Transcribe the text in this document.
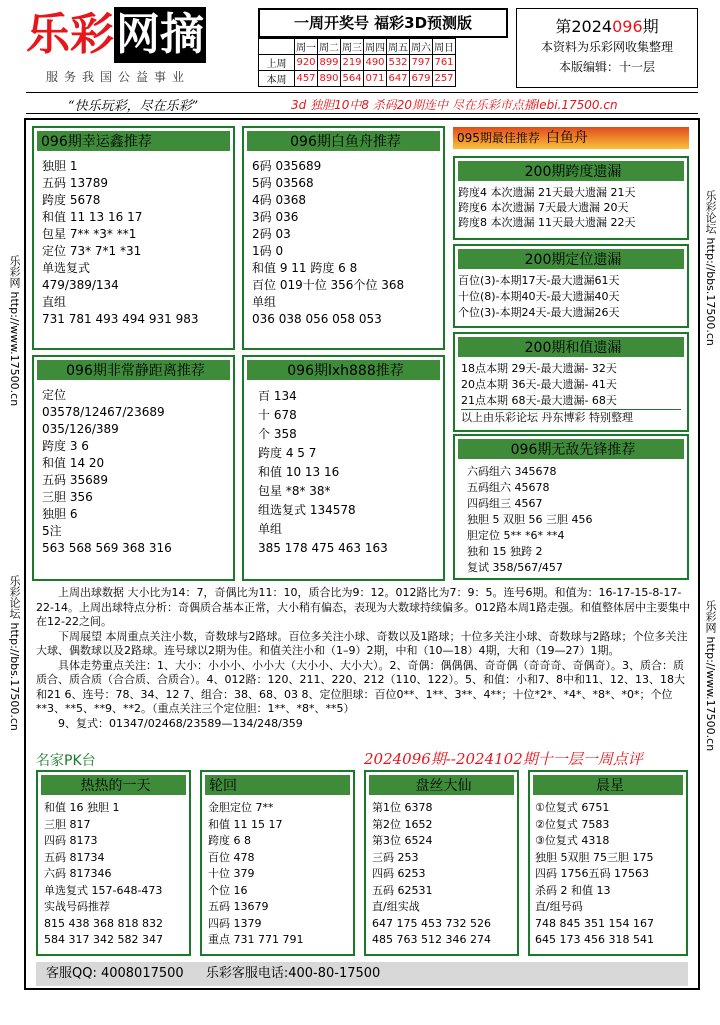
乐彩 网摘
服务我国公益事业
一周开奖号 福彩3D预测版
	周一	周二	周三	周四	周五	周六	周日
上周	920	899	219	490	532	797	761
本周	457	890	564	071	647	679	257
第2024096期
本资料为乐彩网收集整理
本版编辑：十一层
“快乐玩彩，尽在乐彩”	3d 独胆10中8 杀码20期连中 尽在乐彩市点播lebi.17500.cn
乐彩网 http://www.17500.cn
乐彩论坛 http://bbs.17500.cn
乐彩论坛 http://bbs.17500.cn
乐彩网 http://www.17500.cn
096期幸运鑫推荐
独胆 1
五码 13789
跨度 5678
和值 11 13 16 17
包星 7** *3* **1
定位 73* 7*1 *31
单选复式
479/389/134
直组
731 781 493 494 931 983
096期白鱼舟推荐
6码 035689
5码 03568
4码 0368
3码 036
2码 03
1码 0
和值 9 11 跨度 6 8
百位 019十位 356个位 368
单组
036 038 056 058 053
096期非常静距离推荐
定位
03578/12467/23689
035/126/389
跨度 3 6
和值 14 20
五码 35689
三胆 356
独胆 6
5注
563 568 569 368 316
096期lxh888推荐
百 134
十 678
个 358
跨度 4 5 7
和值 10 13 16
包星 *8* 38*
组选复式 134578
单组
385 178 475 463 163
095期最佳推荐 白鱼舟
200期跨度遗漏
跨度4 本次遗漏 21天最大遗漏 21天
跨度6 本次遗漏 7天最大遗漏 20天
跨度8 本次遗漏 11天最大遗漏 22天
200期定位遗漏
百位(3)-本期17天-最大遗漏61天
十位(8)-本期40天-最大遗漏40天
个位(3)-本期24天-最大遗漏26天
200期和值遗漏
18点本期 29天-最大遗漏- 32天
20点本期 36天-最大遗漏- 41天
21点本期 68天-最大遗漏- 68天
以上由乐彩论坛 丹东博彩 特别整理
096期无敌先锋推荐
六码组六 345678
五码组六 45678
四码组三 4567
独胆 5 双胆 56 三胆 456
胆定位 5** *6* **4
独和 15 独跨 2
复试 358/567/457

上周出球数据 大小比为14：7，奇偶比为11：10，质合比为9：12。012路比为7：9：5。连号6期。和值为：16-17-15-8-17-22-14。上周出球特点分析：奇偶质合基本正常，大小稍有偏态，表现为大数球持续偏多。012路本周1路走强。和值整体居中主要集中在12-22之间。

下周展望 本周重点关注小数，奇数球与2路球。百位多关注小球、奇数以及1路球；十位多关注小球、奇数球与2路球；个位多关注大球、偶数球以及2路球。连号球以2期为佳。和值关注小和（1–9）2期，中和（10—18）4期，大和（19—27）1期。

具体走势重点关注：1、大小：小小小、小小大（大小小、大小大）。2、奇偶：偶偶偶、奇奇偶（奇奇奇、奇偶奇）。3、质合：质质合、质合质（合合质、合质合）。4、012路：120、211、220、212（110、122）。5、和值：小和7、8中和11、12、13、18大和21 6、连号：78、34、12 7、组合：38、68、03 8、定位胆球：百位0**、1**、3**、4**；十位*2*、*4*、*8*、*0*；个位**3、**5、**9、**2。（重点关注三个定位胆：1**、*8*、**5）

9、复式：01347/02468/23589—134/248/359

名家PK台	2024096期--2024102期十一层一周点评
热热的一天
和值 16 独胆 1
三胆 817
四码 8173
五码 81734
六码 817346
单选复式 157-648-473
实战号码推荐
815 438 368 818 832
584 317 342 582 347
轮回
金胆定位 7**
和值 11 15 17
跨度 6 8
百位 478
十位 379
个位 16
五码 13679
四码 1379
重点 731 771 791
盘丝大仙
第1位 6378
第2位 1652
第3位 6524
三码 253
四码 6253
五码 62531
直/组实战
647 175 453 732 526
485 763 512 346 274
晨星
①位复式 6751
②位复式 7583
③位复式 4318
独胆 5双胆 75三胆 175
四码 1756五码 17563
杀码 2 和值 13
直/组号码
748 845 351 154 167
645 173 456 318 541
客服QQ: 4008017500 乐彩客服电话:400-80-17500
